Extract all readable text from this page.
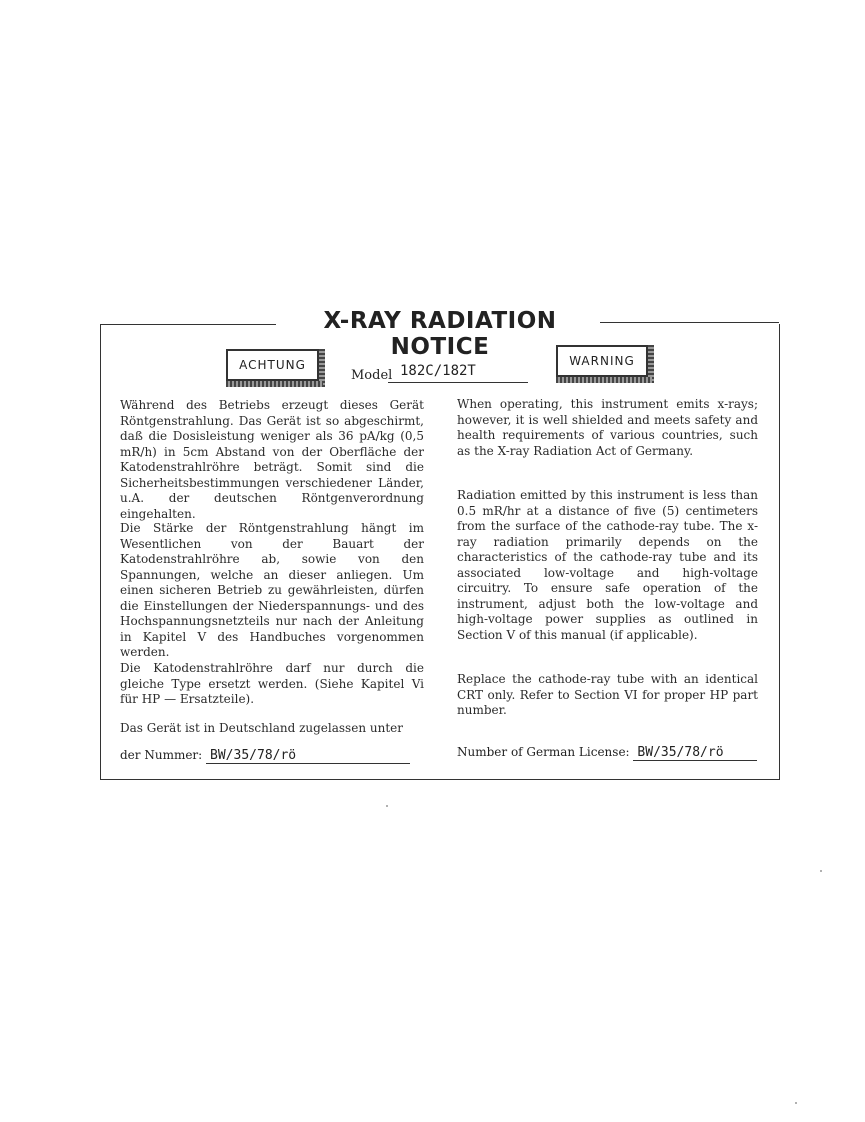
X-RAY RADIATION NOTICE
ACHTUNG	WARNING
Model 182C/182T
Während des Betriebs erzeugt dieses Gerät Röntgenstrahlung. Das Gerät ist so abgeschirmt, daß die Dosisleistung weniger als 36 pA/kg (0,5 mR/h) in 5cm Abstand von der Oberfläche der Katodenstrahlröhre beträgt. Somit sind die Sicherheitsbestimmungen verschiedener Länder, u.A. der deutschen Röntgenverordnung eingehalten.
Die Stärke der Röntgenstrahlung hängt im Wesentlichen von der Bauart der Katodenstrahlröhre ab, sowie von den Spannungen, welche an dieser anliegen. Um einen sicheren Betrieb zu gewährleisten, dürfen die Einstellungen der Niederspannungs- und des Hochspannungsnetzteils nur nach der Anleitung in Kapitel V des Handbuches vorgenommen werden.
Die Katodenstrahlröhre darf nur durch die gleiche Type ersetzt werden. (Siehe Kapitel Vi für HP — Ersatzteile).
Das Gerät ist in Deutschland zugelassen unter
der Nummer: BW/35/78/rö
When operating, this instrument emits x-rays; however, it is well shielded and meets safety and health requirements of various countries, such as the X-ray Radiation Act of Germany.
Radiation emitted by this instrument is less than 0.5 mR/hr at a distance of five (5) centimeters from the surface of the cathode-ray tube. The x-ray radiation primarily depends on the characteristics of the cathode-ray tube and its associated low-voltage and high-voltage circuitry. To ensure safe operation of the instrument, adjust both the low-voltage and high-voltage power supplies as outlined in Section V of this manual (if applicable).
Replace the cathode-ray tube with an identical CRT only. Refer to Section VI for proper HP part number.
Number of German License: BW/35/78/rö
